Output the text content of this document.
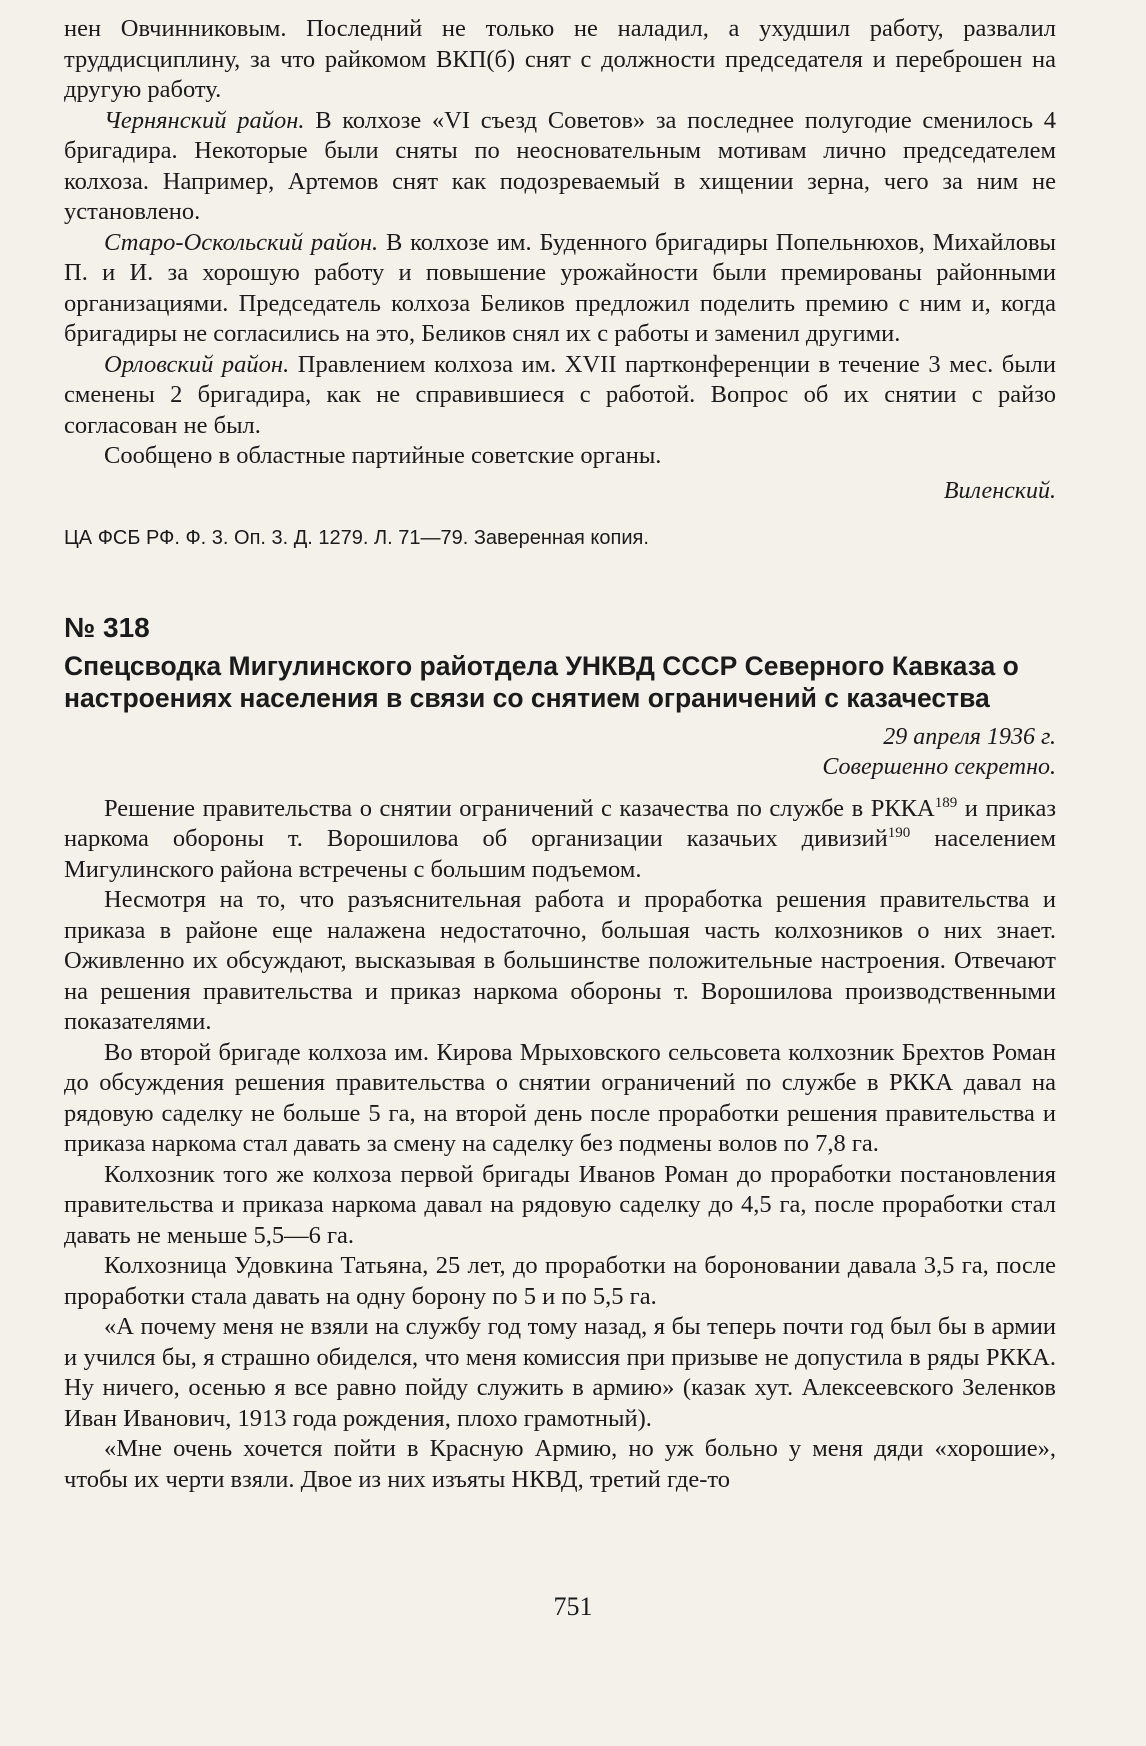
нен Овчинниковым. Последний не только не наладил, а ухудшил работу, развалил труддисциплину, за что райкомом ВКП(б) снят с должности председателя и переброшен на другую работу.

Чернянский район. В колхозе «VI съезд Советов» за последнее полугодие сменилось 4 бригадира. Некоторые были сняты по неосновательным мотивам лично председателем колхоза. Например, Артемов снят как подозреваемый в хищении зерна, чего за ним не установлено.

Старо-Оскольский район. В колхозе им. Буденного бригадиры Попельнюхов, Михайловы П. и И. за хорошую работу и повышение урожайности были премированы районными организациями. Председатель колхоза Беликов предложил поделить премию с ним и, когда бригадиры не согласились на это, Беликов снял их с работы и заменил другими.

Орловский район. Правлением колхоза им. XVII партконференции в течение 3 мес. были сменены 2 бригадира, как не справившиеся с работой. Вопрос об их снятии с райзо согласован не был.

Сообщено в областные партийные советские органы.

Виленский.

ЦА ФСБ РФ. Ф. 3. Оп. 3. Д. 1279. Л. 71—79. Заверенная копия.

№ 318

Спецсводка Мигулинского райотдела УНКВД СССР Северного Кавказа о настроениях населения в связи со снятием ограничений с казачества

29 апреля 1936 г.

Совершенно секретно.

Решение правительства о снятии ограничений с казачества по службе в РККА$^{189}$ и приказ наркома обороны т. Ворошилова об организации казачьих дивизий$^{190}$ населением Мигулинского района встречены с большим подъемом.

Несмотря на то, что разъяснительная работа и проработка решения правительства и приказа в районе еще налажена недостаточно, большая часть колхозников о них знает. Оживленно их обсуждают, высказывая в большинстве положительные настроения. Отвечают на решения правительства и приказ наркома обороны т. Ворошилова производственными показателями.

Во второй бригаде колхоза им. Кирова Мрыховского сельсовета колхозник Брехтов Роман до обсуждения решения правительства о снятии ограничений по службе в РККА давал на рядовую саделку не больше 5 га, на второй день после проработки решения правительства и приказа наркома стал давать за смену на саделку без подмены волов по 7,8 га.

Колхозник того же колхоза первой бригады Иванов Роман до проработки постановления правительства и приказа наркома давал на рядовую саделку до 4,5 га, после проработки стал давать не меньше 5,5—6 га.

Колхозница Удовкина Татьяна, 25 лет, до проработки на бороновании давала 3,5 га, после проработки стала давать на одну борону по 5 и по 5,5 га.

«А почему меня не взяли на службу год тому назад, я бы теперь почти год был бы в армии и учился бы, я страшно обиделся, что меня комиссия при призыве не допустила в ряды РККА. Ну ничего, осенью я все равно пойду служить в армию» (казак хут. Алексеевского Зеленков Иван Иванович, 1913 года рождения, плохо грамотный).

«Мне очень хочется пойти в Красную Армию, но уж больно у меня дяди «хорошие», чтобы их черти взяли. Двое из них изъяты НКВД, третий где-то

751
